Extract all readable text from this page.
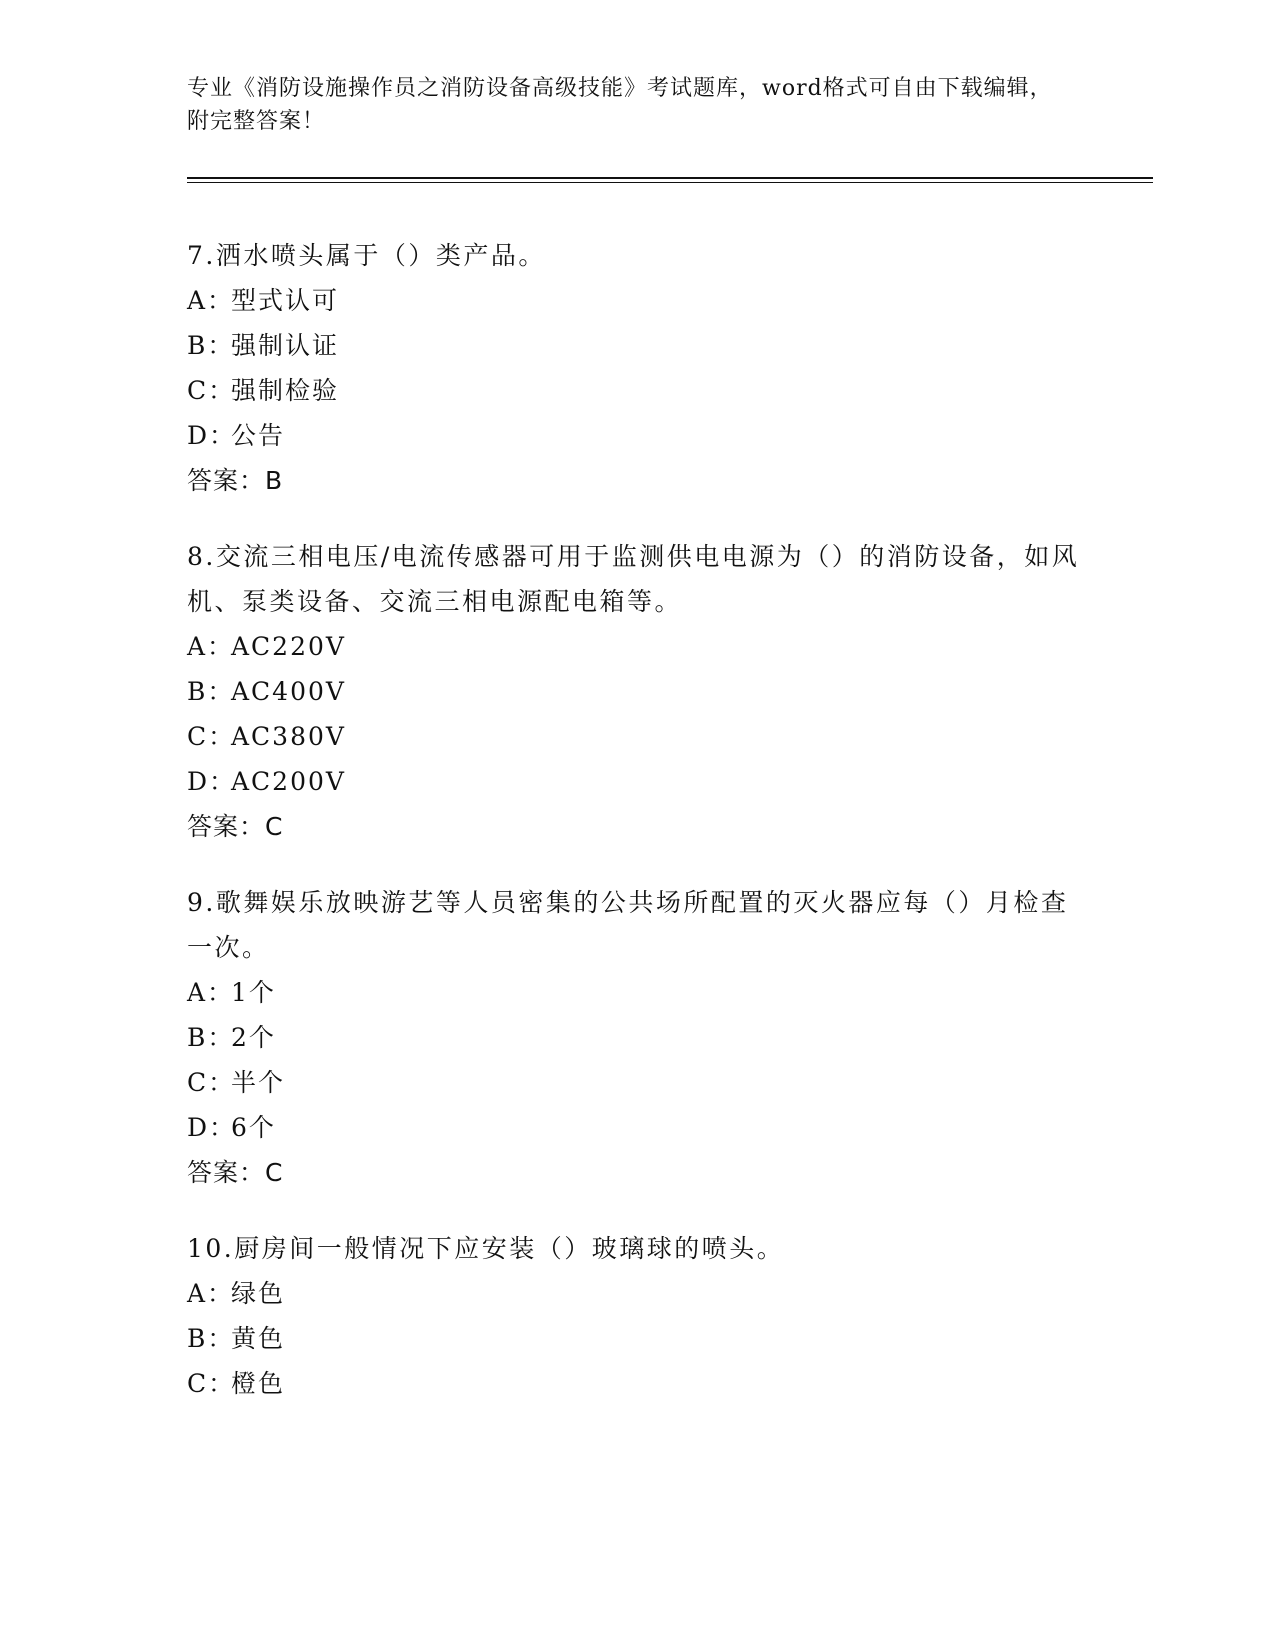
专业《消防设施操作员之消防设备高级技能》考试题库，word格式可自由下载编辑，附完整答案！

7.洒水喷头属于（）类产品。

A：型式认可

B：强制认证

C：强制检验

D：公告

答案：B

8.交流三相电压/电流传感器可用于监测供电电源为（）的消防设备，如风机、泵类设备、交流三相电源配电箱等。

A：AC220V

B：AC400V

C：AC380V

D：AC200V

答案：C

9.歌舞娱乐放映游艺等人员密集的公共场所配置的灭火器应每（）月检查一次。

A：1个

B：2个

C：半个

D：6个

答案：C

10.厨房间一般情况下应安装（）玻璃球的喷头。

A：绿色

B：黄色

C：橙色
